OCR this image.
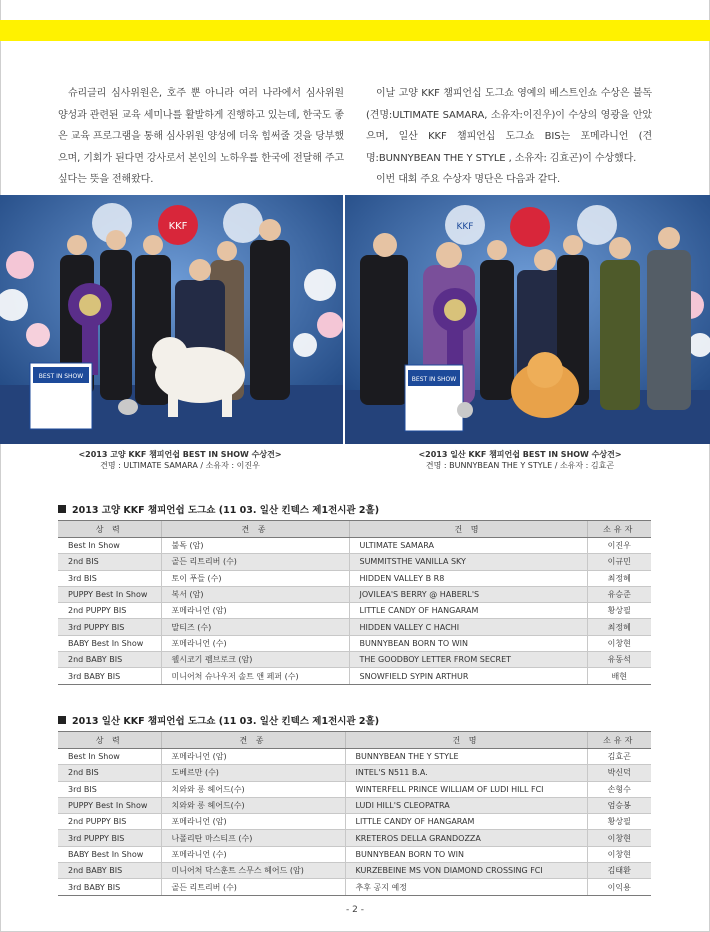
슈리글리 심사위원은, 호주 뿐 아니라 여러 나라에서 심사위원 양성과 관련된 교육 세미나를 활발하게 진행하고 있는데, 한국도 좋은 교육 프로그램을 통해 심사위원 양성에 더욱 힘써줄 것을 당부했으며, 기회가 된다면 강사로서 본인의 노하우를 한국에 전달해 주고 싶다는 뜻을 전해왔다.

이날 고양 KKF 챔피언십 도그쇼 영예의 베스트인쇼 수상은 불독 (견명:ULTIMATE SAMARA, 소유자:이진우)이 수상의 영광을 안았으며, 일산 KKF 챔피언십 도그쇼 BIS는 포메라니언 (견명:BUNNYBEAN THE Y STYLE , 소유자: 김효곤)이 수상했다.

이번 대회 주요 수상자 명단은 다음과 같다.

KKF
BEST IN SHOW
KKF
BEST IN SHOW
<2013 고양 KKF 챔피언쉽 BEST IN SHOW 수상견>
견명 : ULTIMATE SAMARA / 소유자 : 이진우
<2013 일산 KKF 챔피언쉽 BEST IN SHOW 수상견>
견명 : BUNNYBEAN THE Y STYLE / 소유자 : 김효곤
2013 고양 KKF 챔피언쉽 도그쇼 (11 03. 일산 킨텍스 제1전시관 2홀)
상 력	견 종	건 명	소유자
Best In Show	불독 (암)	ULTIMATE SAMARA	이진우
2nd BIS	골든 리트리버 (수)	SUMMITSTHE VANILLA SKY	이규민
3rd BIS	토이 푸들 (수)	HIDDEN VALLEY B R8	최정혜
PUPPY Best In Show	복서 (암)	JOVILEA'S BERRY @ HABERL'S	유승준
2nd PUPPY BIS	포메라니언 (암)	LITTLE CANDY OF HANGARAM	황상필
3rd PUPPY BIS	말티즈 (수)	HIDDEN VALLEY C HACHI	최정혜
BABY Best In Show	포메라니언 (수)	BUNNYBEAN BORN TO WIN	이창현
2nd BABY BIS	웰시코기 펨브로크 (암)	THE GOODBOY LETTER FROM SECRET	유동석
3rd BABY BIS	미니어처 슈나우저 솔트 앤 페퍼 (수)	SNOWFIELD SYPIN ARTHUR	배현
2013 일산 KKF 챔피언쉽 도그쇼 (11 03. 일산 킨텍스 제1전시관 2홀)
상 력	견 종	건 명	소유자
Best In Show	포메라니언 (암)	BUNNYBEAN THE Y STYLE	김효곤
2nd BIS	도베르만 (수)	INTEL'S N511 B.A.	박신덕
3rd BIS	치와와 롱 헤어드(수)	WINTERFELL PRINCE WILLIAM OF LUDI HILL FCI	손형수
PUPPY Best In Show	치와와 롱 헤어드(수)	LUDI HILL'S CLEOPATRA	엄승봉
2nd PUPPY BIS	포메라니언 (암)	LITTLE CANDY OF HANGARAM	황상필
3rd PUPPY BIS	나폴리탄 마스티프 (수)	KRETEROS DELLA GRANDOZZA	이창현
BABY Best In Show	포메라니언 (수)	BUNNYBEAN BORN TO WIN	이창현
2nd BABY BIS	미니어처 닥스훈트 스무스 헤어드 (암)	KURZEBEINE MS VON DIAMOND CROSSING FCI	김태환
3rd BABY BIS	골든 리트리버 (수)	추후 공지 예정	이익용
- 2 -
